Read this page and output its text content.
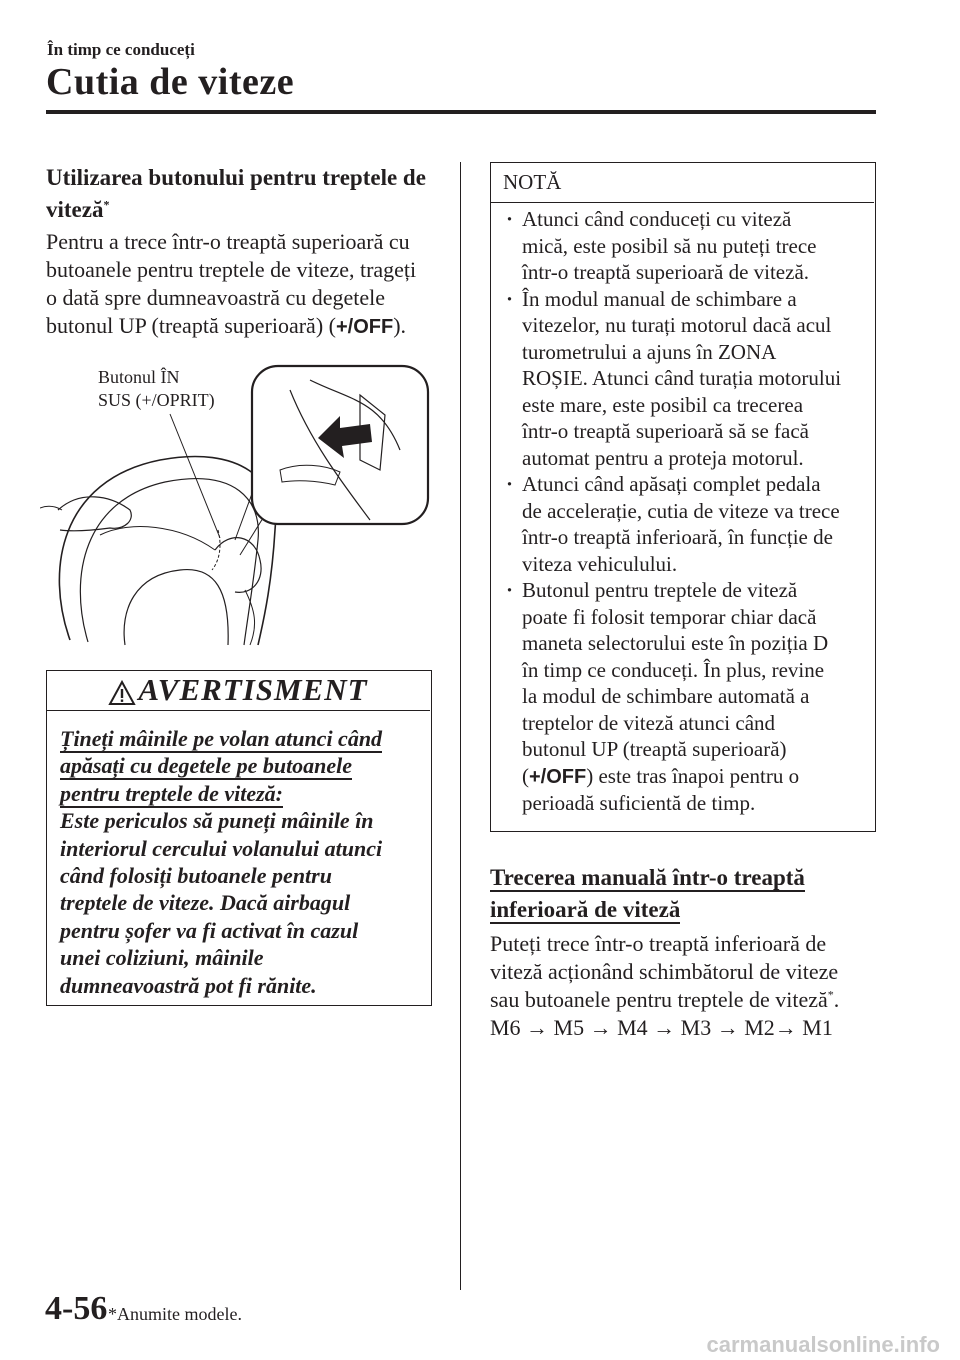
În timp ce conduceți
Cutia de viteze
Utilizarea butonului pentru treptele de
viteză*
Pentru a trece într-o treaptă superioară cu
butoanele pentru treptele de viteze, trageți
o dată spre dumneavoastră cu degetele
butonul UP (treaptă superioară) (+/OFF).
Butonul ÎN
SUS (+/OPRIT)
AVERTISMENT
Țineți mâinile pe volan atunci când
apăsați cu degetele pe butoanele
pentru treptele de viteză:
Este periculos să puneți mâinile în
interiorul cercului volanului atunci
când folosiți butoanele pentru
treptele de viteze. Dacă airbagul
pentru șofer va fi activat în cazul
unei coliziuni, mâinile
dumneavoastră pot fi rănite.
NOTĂ
· Atunci când conduceți cu viteză
mică, este posibil să nu puteți trece
într-o treaptă superioară de viteză.
· În modul manual de schimbare a
vitezelor, nu turați motorul dacă acul
turometrului a ajuns în ZONA
ROȘIE. Atunci când turația motorului
este mare, este posibil ca trecerea
într-o treaptă superioară să se facă
automat pentru a proteja motorul.
· Atunci când apăsați complet pedala
de accelerație, cutia de viteze va trece
într-o treaptă inferioară, în funcție de
viteza vehiculului.
· Butonul pentru treptele de viteză
poate fi folosit temporar chiar dacă
maneta selectorului este în poziția D
în timp ce conduceți. În plus, revine
la modul de schimbare automată a
treptelor de viteză atunci când
butonul UP (treaptă superioară)
(+/OFF) este tras înapoi pentru o
perioadă suficientă de timp.
Trecerea manuală într-o treaptă
inferioară de viteză
Puteți trece într-o treaptă inferioară de
viteză acționând schimbătorul de viteze
sau butoanele pentru treptele de viteză*.
M6 → M5 → M4 → M3 → M2→ M1
4-56 *Anumite modele.
carmanualsonline.info
